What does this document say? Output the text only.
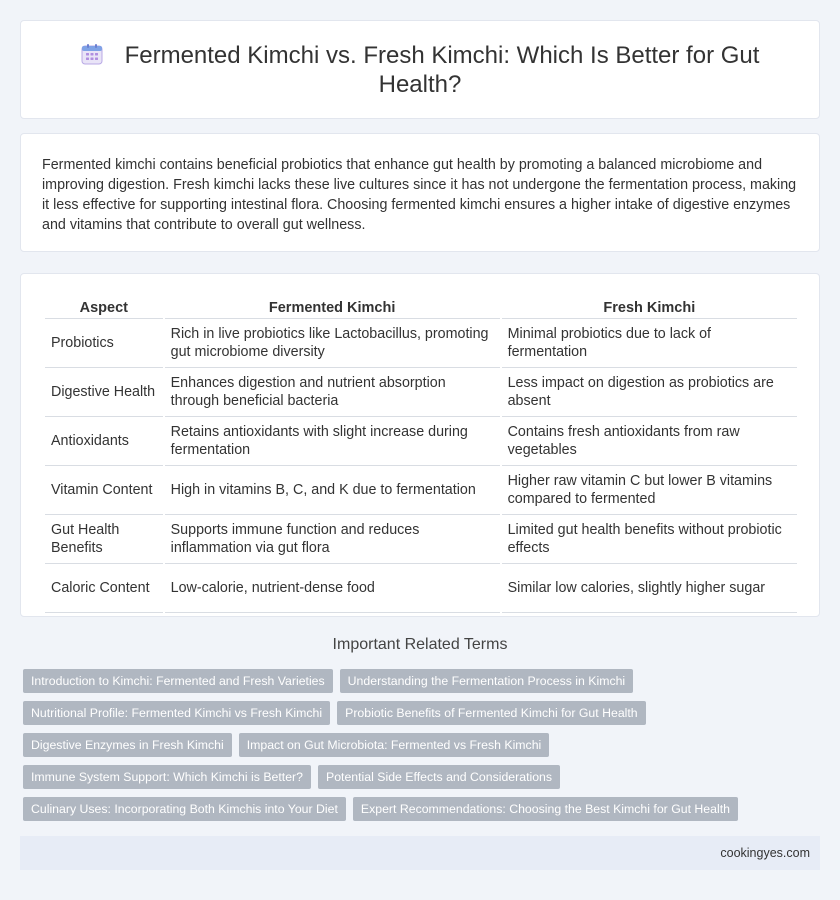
Fermented Kimchi vs. Fresh Kimchi: Which Is Better for Gut Health?

Fermented kimchi contains beneficial probiotics that enhance gut health by promoting a balanced microbiome and improving digestion. Fresh kimchi lacks these live cultures since it has not undergone the fermentation process, making it less effective for supporting intestinal flora. Choosing fermented kimchi ensures a higher intake of digestive enzymes and vitamins that contribute to overall gut wellness.

Aspect	Fermented Kimchi	Fresh Kimchi
Probiotics	Rich in live probiotics like Lactobacillus, promoting gut microbiome diversity	Minimal probiotics due to lack of fermentation
Digestive Health	Enhances digestion and nutrient absorption through beneficial bacteria	Less impact on digestion as probiotics are absent
Antioxidants	Retains antioxidants with slight increase during fermentation	Contains fresh antioxidants from raw vegetables
Vitamin Content	High in vitamins B, C, and K due to fermentation	Higher raw vitamin C but lower B vitamins compared to fermented
Gut Health Benefits	Supports immune function and reduces inflammation via gut flora	Limited gut health benefits without probiotic effects
Caloric Content	Low-calorie, nutrient-dense food	Similar low calories, slightly higher sugar
Important Related Terms
Introduction to Kimchi: Fermented and Fresh Varieties	Understanding the Fermentation Process in Kimchi
Nutritional Profile: Fermented Kimchi vs Fresh Kimchi	Probiotic Benefits of Fermented Kimchi for Gut Health
Digestive Enzymes in Fresh Kimchi	Impact on Gut Microbiota: Fermented vs Fresh Kimchi
Immune System Support: Which Kimchi is Better?	Potential Side Effects and Considerations
Culinary Uses: Incorporating Both Kimchis into Your Diet	Expert Recommendations: Choosing the Best Kimchi for Gut Health
cookingyes.com
